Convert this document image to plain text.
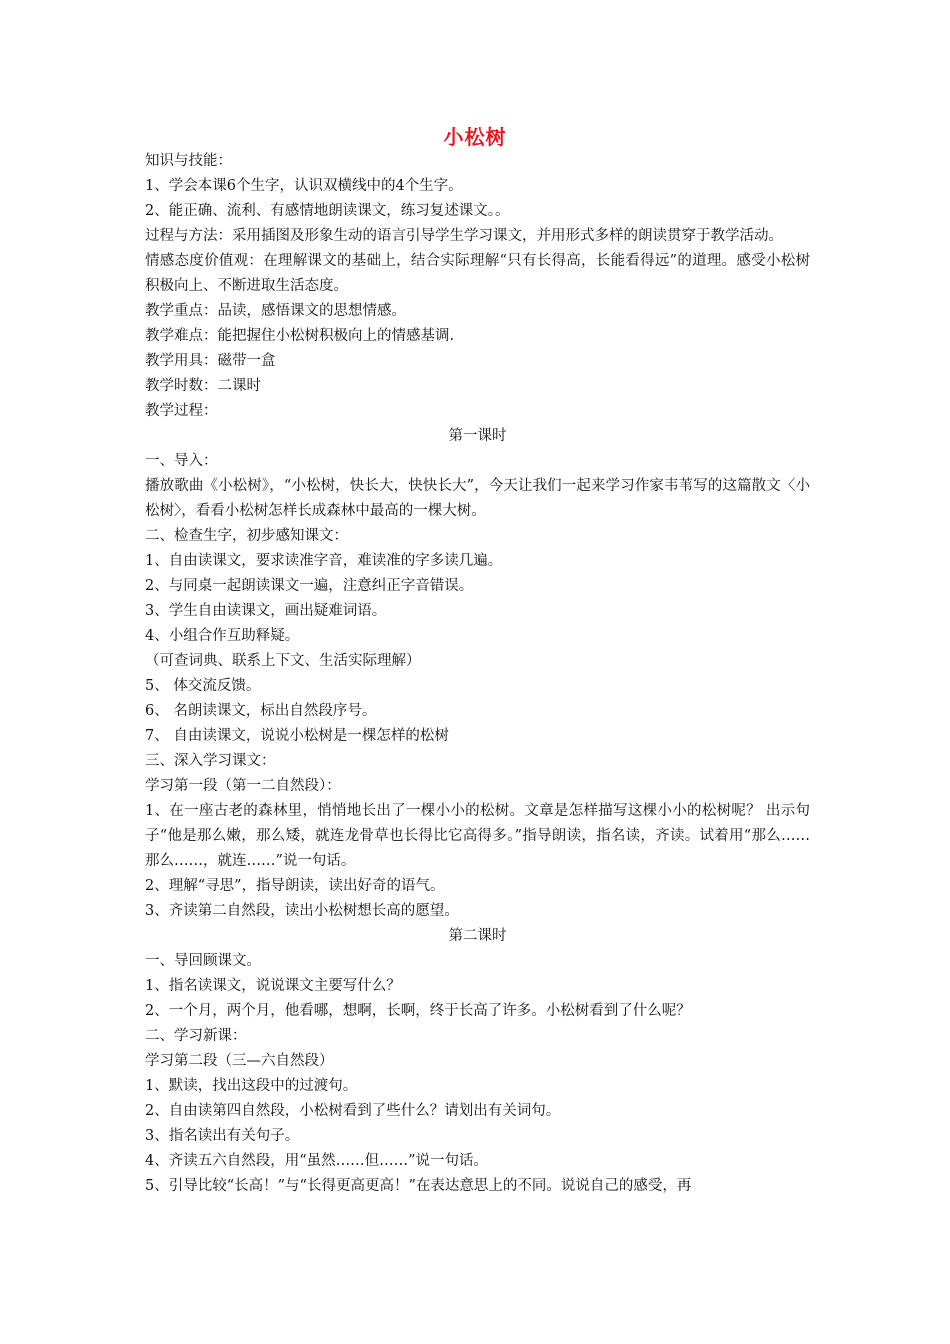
小松树

知识与技能：

1、学会本课6个生字，认识双横线中的4个生字。

2、能正确、流利、有感情地朗读课文，练习复述课文。。

过程与方法：采用插图及形象生动的语言引导学生学习课文，并用形式多样的朗读贯穿于教学活动。

情感态度价值观：在理解课文的基础上，结合实际理解“只有长得高，长能看得远”的道理。感受小松树积极向上、不断进取生活态度。

教学重点：品读，感悟课文的思想情感。

教学难点：能把握住小松树积极向上的情感基调.

教学用具：磁带一盒

教学时数：二课时

教学过程：

第一课时

一、导入：

播放歌曲《小松树》，“小松树，快长大，快快长大”，今天让我们一起来学习作家韦苇写的这篇散文〈小松树〉，看看小松树怎样长成森林中最高的一棵大树。

二、检查生字，初步感知课文：

1、自由读课文，要求读准字音，难读准的字多读几遍。

2、与同桌一起朗读课文一遍，注意纠正字音错误。

3、学生自由读课文，画出疑难词语。

4、小组合作互助释疑。

（可查词典、联系上下文、生活实际理解）

5、 体交流反馈。

6、 名朗读课文，标出自然段序号。

7、 自由读课文，说说小松树是一棵怎样的松树

三、深入学习课文：

学习第一段（第一二自然段）：

1、在一座古老的森林里，悄悄地长出了一棵小小的松树。文章是怎样描写这棵小小的松树呢？ 出示句子“他是那么嫩，那么矮，就连龙骨草也长得比它高得多。”指导朗读，指名读，齐读。试着用“那么……那么……，就连……”说一句话。

2、理解“寻思”，指导朗读，读出好奇的语气。

3、齐读第二自然段，读出小松树想长高的愿望。

第二课时

一、导回顾课文。

1、指名读课文，说说课文主要写什么？

2、一个月，两个月，他看哪，想啊，长啊，终于长高了许多。小松树看到了什么呢？

二、学习新课：

学习第二段（三—六自然段）

1、默读，找出这段中的过渡句。

2、自由读第四自然段，小松树看到了些什么？请划出有关词句。

3、指名读出有关句子。

4、齐读五六自然段，用“虽然……但……”说一句话。

5、引导比较“长高！”与“长得更高更高！”在表达意思上的不同。说说自己的感受，再
